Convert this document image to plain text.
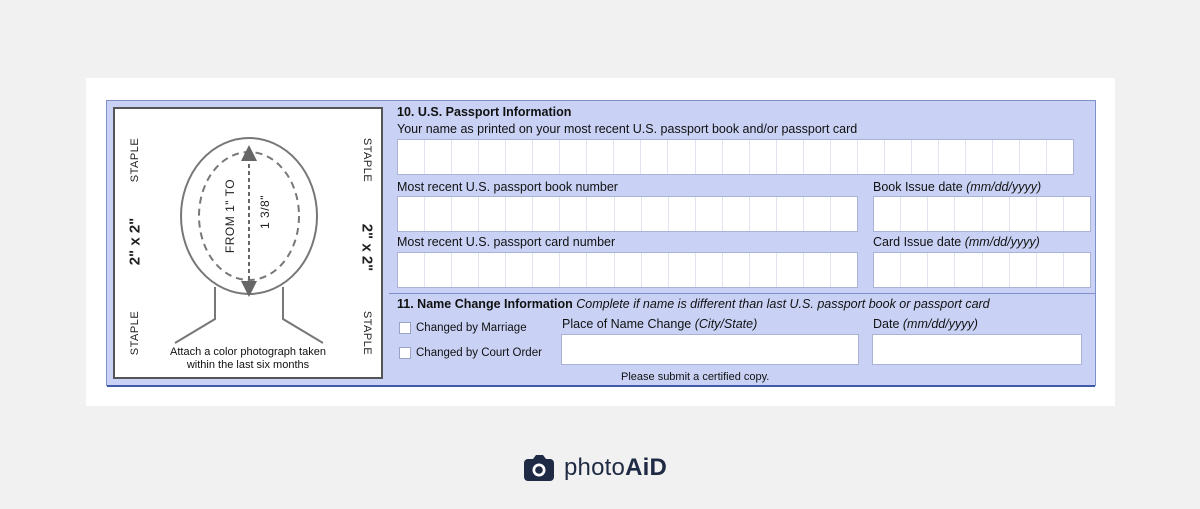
STAPLE	STAPLE
STAPLE	STAPLE
2" x 2"	2" x 2"
FROM 1" TO 1 3/8"
Attach a color photograph taken
within the last six months
10. U.S. Passport Information
Your name as printed on your most recent U.S. passport book and/or passport card
Most recent U.S. passport book number	Book Issue date (mm/dd/yyyy)
Most recent U.S. passport card number	Card Issue date (mm/dd/yyyy)
11. Name Change Information Complete if name is different than last U.S. passport book or passport card
Changed by Marriage
Changed by Court Order
Place of Name Change (City/State)	Date (mm/dd/yyyy)
Please submit a certified copy.
photoAiD
